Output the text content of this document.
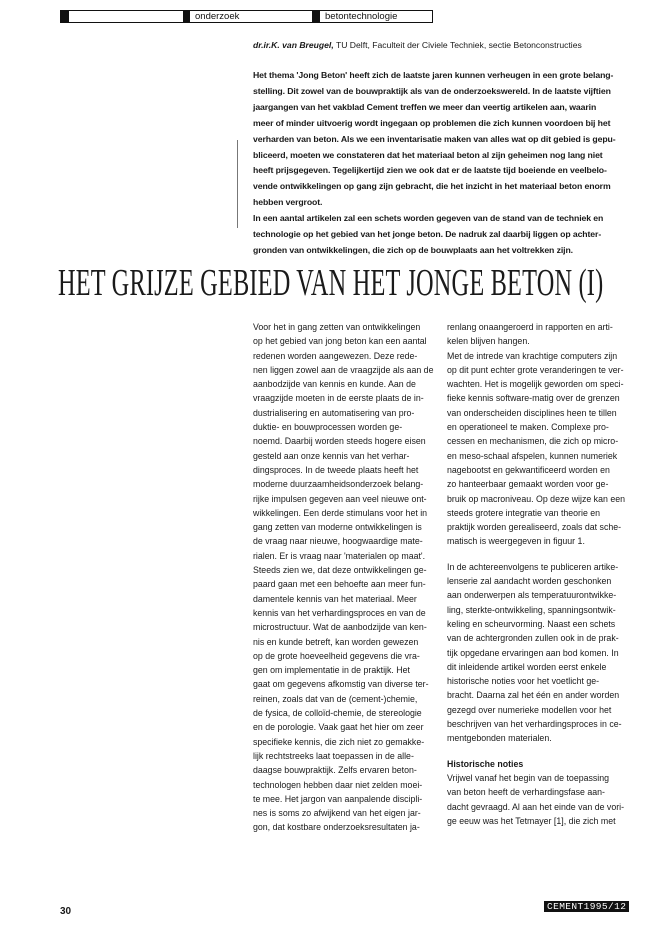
onderzoek	betontechnologie
dr.ir.K. van Breugel, TU Delft, Faculteit der Civiele Techniek, sectie Betonconstructies
Het thema 'Jong Beton' heeft zich de laatste jaren kunnen verheugen in een grote belang-
stelling. Dit zowel van de bouwpraktijk als van de onderzoekswereld. In de laatste vijftien
jaargangen van het vakblad Cement treffen we meer dan veertig artikelen aan, waarin
meer of minder uitvoerig wordt ingegaan op problemen die zich kunnen voordoen bij het
verharden van beton. Als we een inventarisatie maken van alles wat op dit gebied is gepu-
bliceerd, moeten we constateren dat het materiaal beton al zijn geheimen nog lang niet
heeft prijsgegeven. Tegelijkertijd zien we ook dat er de laatste tijd boeiende en veelbelo-
vende ontwikkelingen op gang zijn gebracht, die het inzicht in het materiaal beton enorm
hebben vergroot.
In een aantal artikelen zal een schets worden gegeven van de stand van de techniek en
technologie op het gebied van het jonge beton. De nadruk zal daarbij liggen op achter-
gronden van ontwikkelingen, die zich op de bouwplaats aan het voltrekken zijn.
HET GRIJZE GEBIED VAN HET JONGE BETON (I)
Voor het in gang zetten van ontwikkelingen
op het gebied van jong beton kan een aantal
redenen worden aangewezen. Deze rede-
nen liggen zowel aan de vraagzijde als aan de
aanbodzijde van kennis en kunde. Aan de
vraagzijde moeten in de eerste plaats de in-
dustrialisering en automatisering van pro-
duktie- en bouwprocessen worden ge-
noemd. Daarbij worden steeds hogere eisen
gesteld aan onze kennis van het verhar-
dingsproces. In de tweede plaats heeft het
moderne duurzaamheidsonderzoek belang-
rijke impulsen gegeven aan veel nieuwe ont-
wikkelingen. Een derde stimulans voor het in
gang zetten van moderne ontwikkelingen is
de vraag naar nieuwe, hoogwaardige mate-
rialen. Er is vraag naar 'materialen op maat'.
Steeds zien we, dat deze ontwikkelingen ge-
paard gaan met een behoefte aan meer fun-
damentele kennis van het materiaal. Meer
kennis van het verhardingsproces en van de
microstructuur. Wat de aanbodzijde van ken-
nis en kunde betreft, kan worden gewezen
op de grote hoeveelheid gegevens die vra-
gen om implementatie in de praktijk. Het
gaat om gegevens afkomstig van diverse ter-
reinen, zoals dat van de (cement-)chemie,
de fysica, de colloïd-chemie, de stereologie
en de porologie. Vaak gaat het hier om zeer
specifieke kennis, die zich niet zo gemakke-
lijk rechtstreeks laat toepassen in de alle-
daagse bouwpraktijk. Zelfs ervaren beton-
technologen hebben daar niet zelden moei-
te mee. Het jargon van aanpalende discipli-
nes is soms zo afwijkend van het eigen jar-
gon, dat kostbare onderzoeksresultaten ja-
renlang onaangeroerd in rapporten en arti-
kelen blijven hangen.
Met de intrede van krachtige computers zijn
op dit punt echter grote veranderingen te ver-
wachten. Het is mogelijk geworden om speci-
fieke kennis software-matig over de grenzen
van onderscheiden disciplines heen te tillen
en operationeel te maken. Complexe pro-
cessen en mechanismen, die zich op micro-
en meso-schaal afspelen, kunnen numeriek
nagebootst en gekwantificeerd worden en
zo hanteerbaar gemaakt worden voor ge-
bruik op macroniveau. Op deze wijze kan een
steeds grotere integratie van theorie en
praktijk worden gerealiseerd, zoals dat sche-
matisch is weergegeven in figuur 1.
In de achtereenvolgens te publiceren artike-
lenserie zal aandacht worden geschonken
aan onderwerpen als temperatuurontwikke-
ling, sterkte-ontwikkeling, spanningsontwik-
keling en scheurvorming. Naast een schets
van de achtergronden zullen ook in de prak-
tijk opgedane ervaringen aan bod komen. In
dit inleidende artikel worden eerst enkele
historische noties voor het voetlicht ge-
bracht. Daarna zal het één en ander worden
gezegd over numerieke modellen voor het
beschrijven van het verhardingsproces in ce-
mentgebonden materialen.
Historische noties
Vrijwel vanaf het begin van de toepassing
van beton heeft de verhardingsfase aan-
dacht gevraagd. Al aan het einde van de vori-
ge eeuw was het Tetmayer [1], die zich met
30	CEMENT1995/12
